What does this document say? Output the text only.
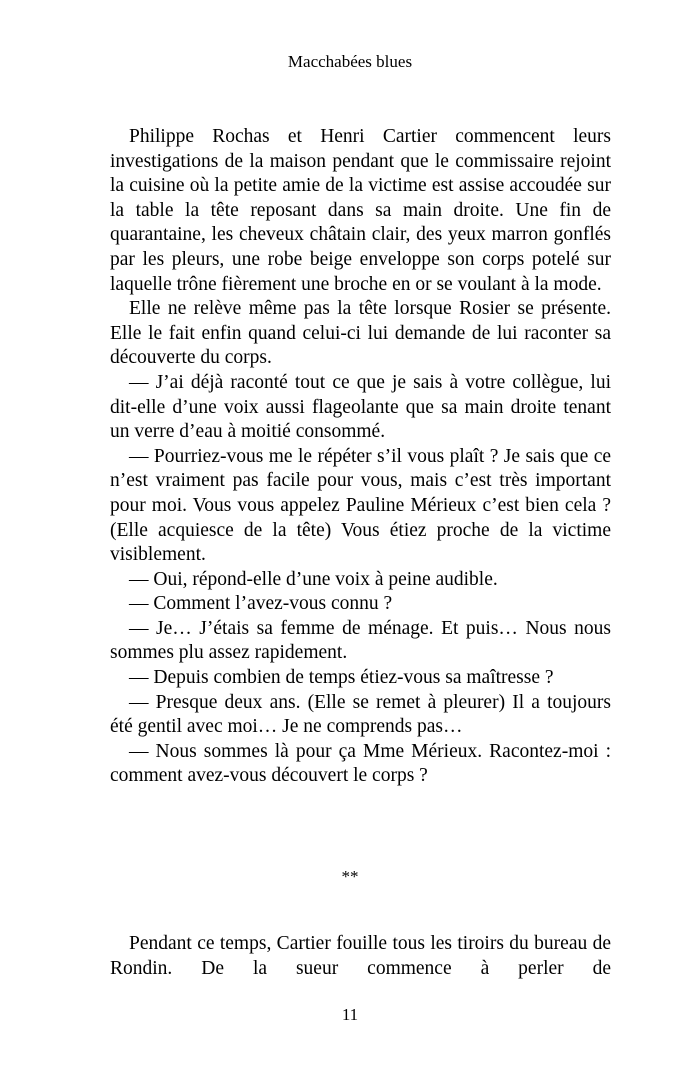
Macchabées blues

Philippe Rochas et Henri Cartier commencent leurs investigations de la maison pendant que le commissaire rejoint la cuisine où la petite amie de la victime est assise accoudée sur la table la tête reposant dans sa main droite. Une fin de quarantaine, les cheveux châtain clair, des yeux marron gonflés par les pleurs, une robe beige enveloppe son corps potelé sur laquelle trône fièrement une broche en or se voulant à la mode.

Elle ne relève même pas la tête lorsque Rosier se présente. Elle le fait enfin quand celui-ci lui demande de lui raconter sa découverte du corps.

— J’ai déjà raconté tout ce que je sais à votre collègue, lui dit-elle d’une voix aussi flageolante que sa main droite tenant un verre d’eau à moitié consommé.

— Pourriez-vous me le répéter s’il vous plaît ? Je sais que ce n’est vraiment pas facile pour vous, mais c’est très important pour moi. Vous vous appelez Pauline Mérieux c’est bien cela ? (Elle acquiesce de la tête) Vous étiez proche de la victime visiblement.

— Oui, répond-elle d’une voix à peine audible.

— Comment l’avez-vous connu ?

— Je… J’étais sa femme de ménage. Et puis… Nous nous sommes plu assez rapidement.

— Depuis combien de temps étiez-vous sa maîtresse ?

— Presque deux ans. (Elle se remet à pleurer) Il a toujours été gentil avec moi… Je ne comprends pas…

— Nous sommes là pour ça Mme Mérieux. Racontez-moi : comment avez-vous découvert le corps ?

**

Pendant ce temps, Cartier fouille tous les tiroirs du bureau de Rondin. De la sueur commence à perler de

11
